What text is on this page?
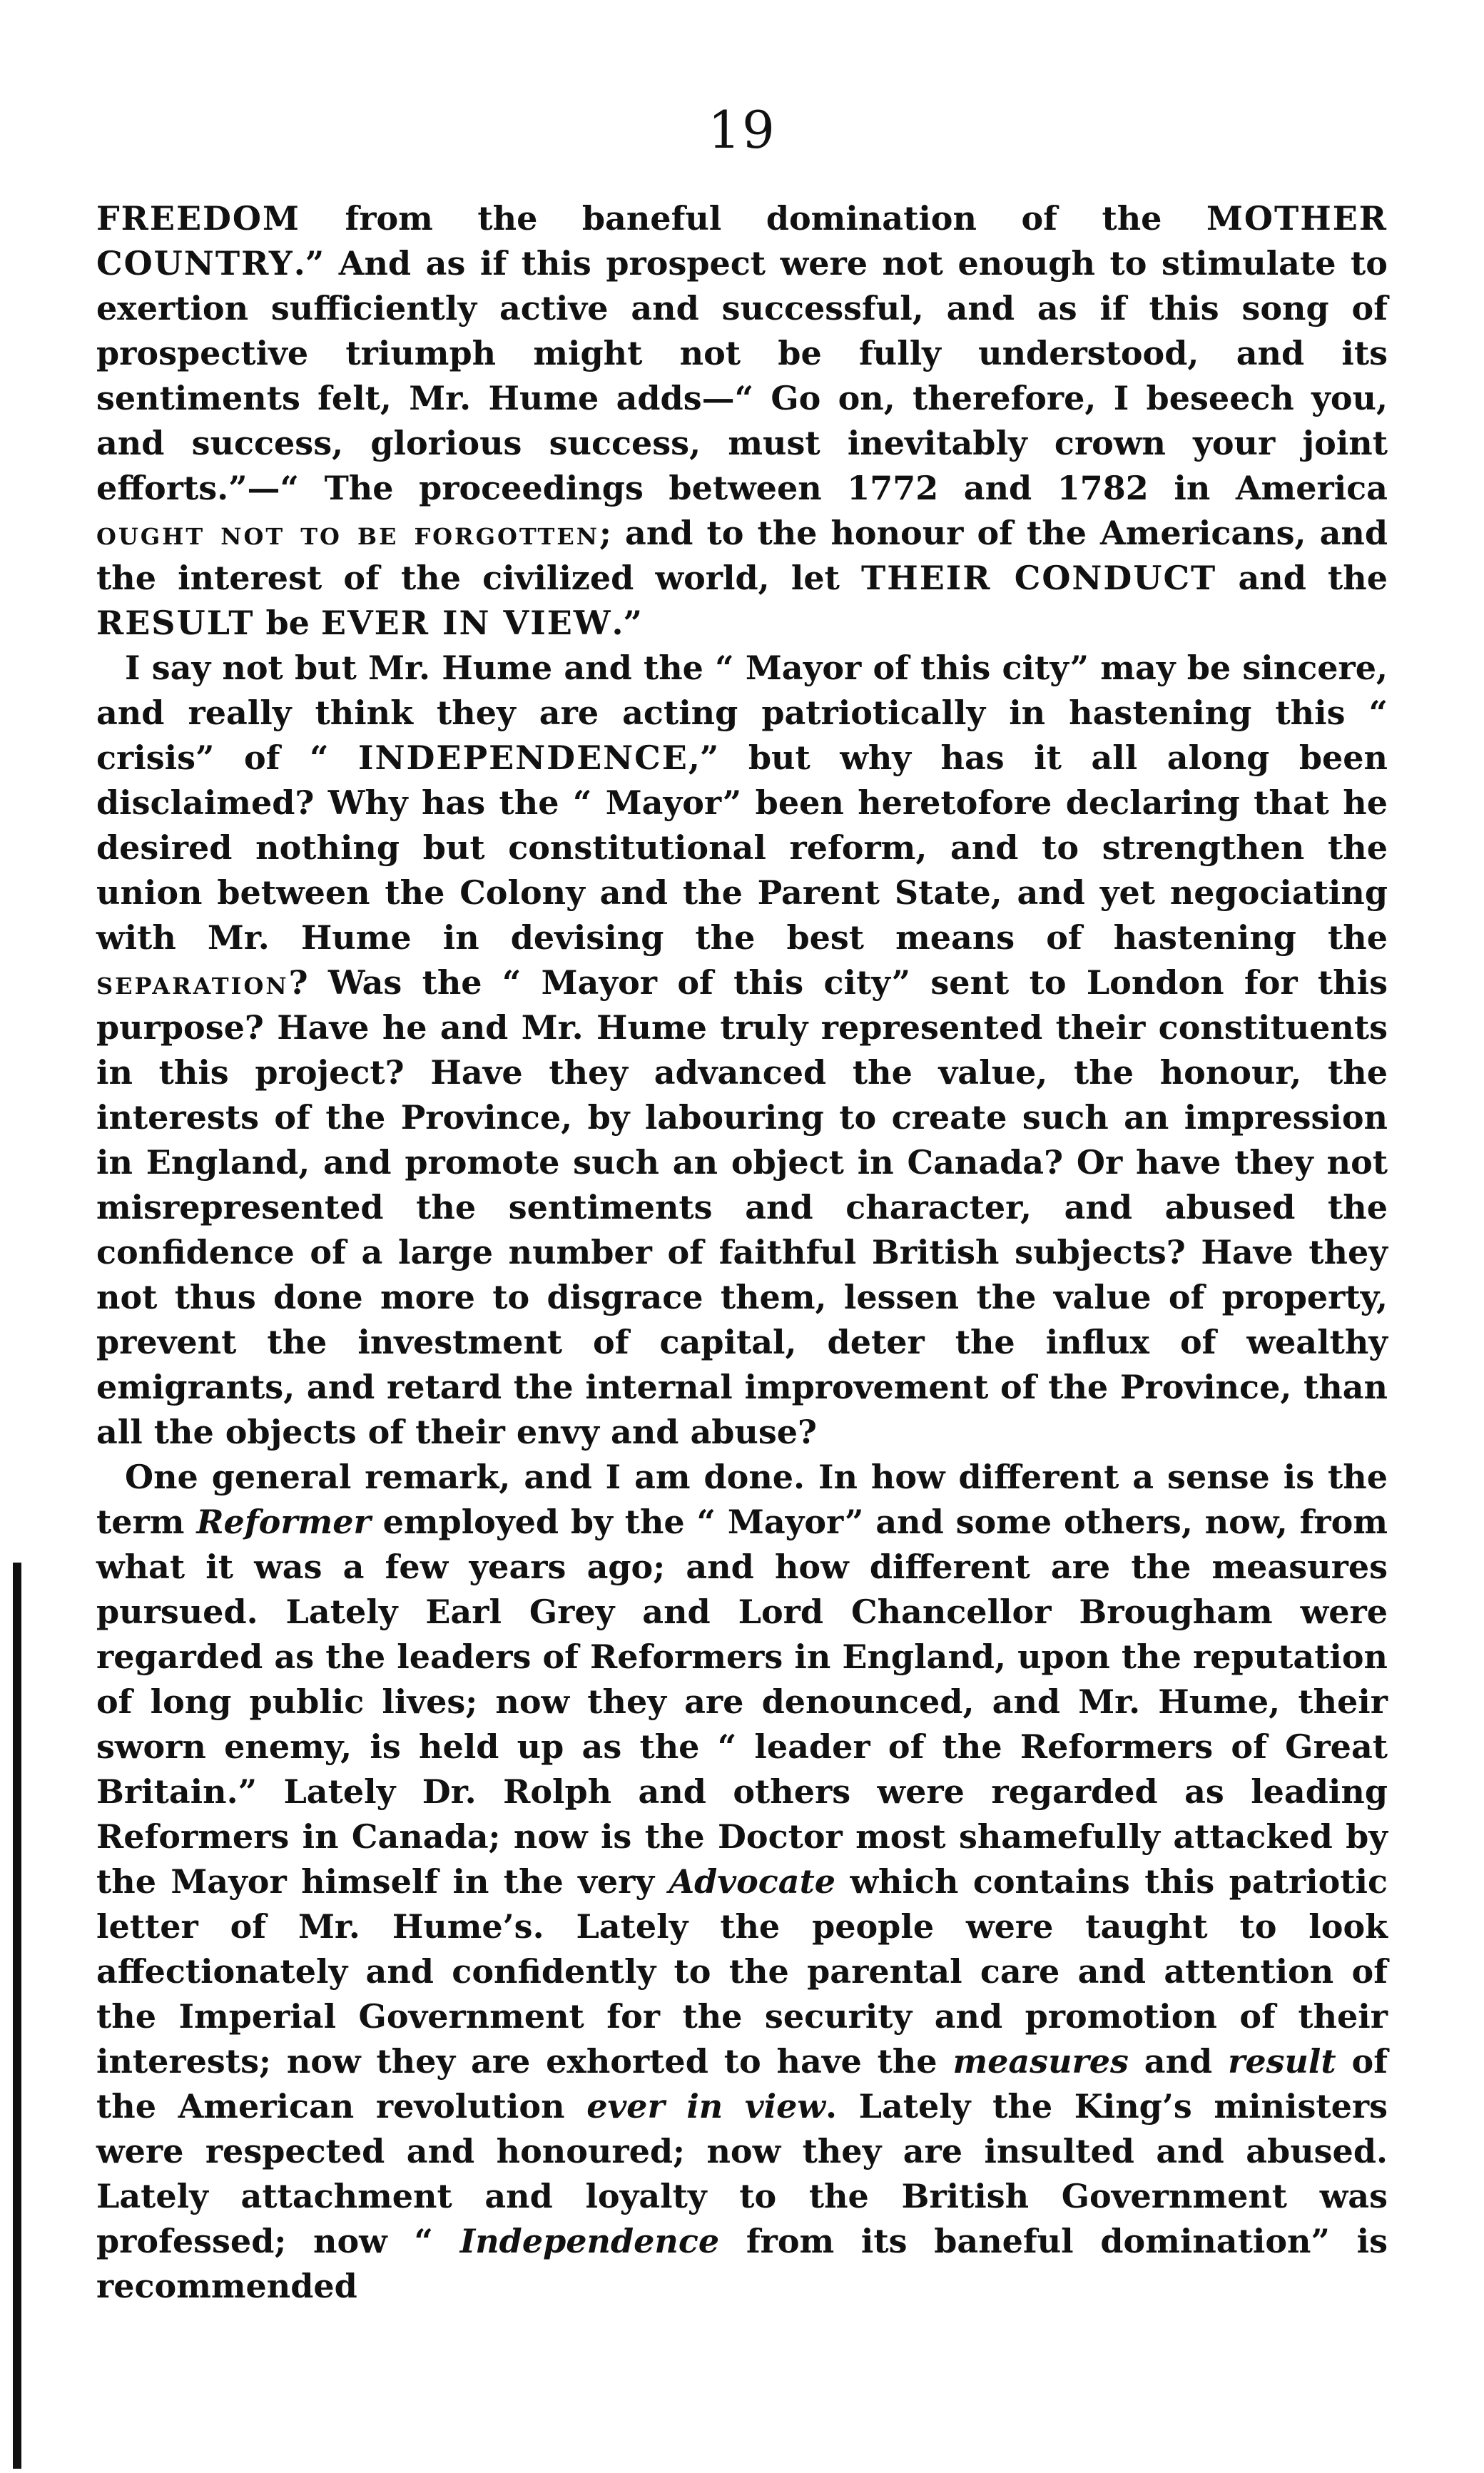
19

FREEDOM from the baneful domination of the MOTHER COUNTRY.” And as if this prospect were not enough to stimulate to exertion sufficiently active and successful, and as if this song of prospective triumph might not be fully understood, and its sentiments felt, Mr. Hume adds—“ Go on, therefore, I beseech you, and success, glorious success, must inevitably crown your joint efforts.”—“ The proceedings between 1772 and 1782 in America ought not to be forgotten; and to the honour of the Americans, and the interest of the civilized world, let THEIR CONDUCT and the RESULT be EVER IN VIEW.”

I say not but Mr. Hume and the “ Mayor of this city” may be sincere, and really think they are acting patriotically in hastening this “ crisis” of “ INDEPENDENCE,” but why has it all along been disclaimed? Why has the “ Mayor” been heretofore declaring that he desired nothing but constitutional reform, and to strengthen the union between the Colony and the Parent State, and yet negociating with Mr. Hume in devising the best means of hastening the separation? Was the “ Mayor of this city” sent to London for this purpose? Have he and Mr. Hume truly represented their constituents in this project? Have they advanced the value, the honour, the interests of the Province, by labouring to create such an impression in England, and promote such an object in Canada? Or have they not misrepresented the sentiments and character, and abused the confidence of a large number of faithful British subjects? Have they not thus done more to disgrace them, lessen the value of property, prevent the investment of capital, deter the influx of wealthy emigrants, and retard the internal improvement of the Province, than all the objects of their envy and abuse?

One general remark, and I am done. In how different a sense is the term Reformer employed by the “ Mayor” and some others, now, from what it was a few years ago; and how different are the measures pursued. Lately Earl Grey and Lord Chancellor Brougham were regarded as the leaders of Reformers in England, upon the reputation of long public lives; now they are denounced, and Mr. Hume, their sworn enemy, is held up as the “ leader of the Reformers of Great Britain.” Lately Dr. Rolph and others were regarded as leading Reformers in Canada; now is the Doctor most shamefully attacked by the Mayor himself in the very Advocate which contains this patriotic letter of Mr. Hume’s. Lately the people were taught to look affectionately and confidently to the parental care and attention of the Imperial Government for the security and promotion of their interests; now they are exhorted to have the measures and result of the American revolution ever in view. Lately the King’s ministers were respected and honoured; now they are insulted and abused. Lately attachment and loyalty to the British Government was professed; now “ Independence from its baneful domination” is recommended
